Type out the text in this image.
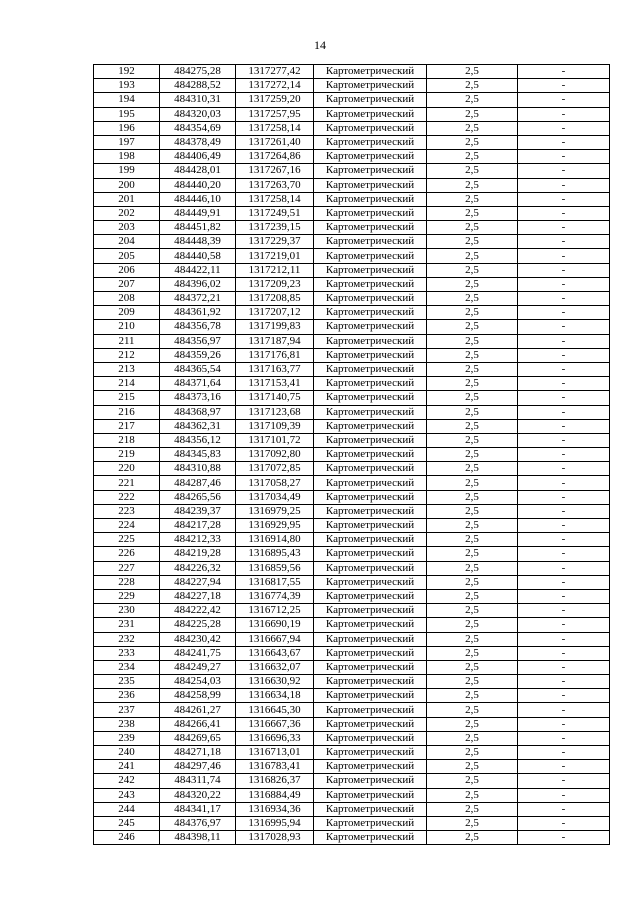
14
192	484275,28	1317277,42	Картометрический	2,5	-
193	484288,52	1317272,14	Картометрический	2,5	-
194	484310,31	1317259,20	Картометрический	2,5	-
195	484320,03	1317257,95	Картометрический	2,5	-
196	484354,69	1317258,14	Картометрический	2,5	-
197	484378,49	1317261,40	Картометрический	2,5	-
198	484406,49	1317264,86	Картометрический	2,5	-
199	484428,01	1317267,16	Картометрический	2,5	-
200	484440,20	1317263,70	Картометрический	2,5	-
201	484446,10	1317258,14	Картометрический	2,5	-
202	484449,91	1317249,51	Картометрический	2,5	-
203	484451,82	1317239,15	Картометрический	2,5	-
204	484448,39	1317229,37	Картометрический	2,5	-
205	484440,58	1317219,01	Картометрический	2,5	-
206	484422,11	1317212,11	Картометрический	2,5	-
207	484396,02	1317209,23	Картометрический	2,5	-
208	484372,21	1317208,85	Картометрический	2,5	-
209	484361,92	1317207,12	Картометрический	2,5	-
210	484356,78	1317199,83	Картометрический	2,5	-
211	484356,97	1317187,94	Картометрический	2,5	-
212	484359,26	1317176,81	Картометрический	2,5	-
213	484365,54	1317163,77	Картометрический	2,5	-
214	484371,64	1317153,41	Картометрический	2,5	-
215	484373,16	1317140,75	Картометрический	2,5	-
216	484368,97	1317123,68	Картометрический	2,5	-
217	484362,31	1317109,39	Картометрический	2,5	-
218	484356,12	1317101,72	Картометрический	2,5	-
219	484345,83	1317092,80	Картометрический	2,5	-
220	484310,88	1317072,85	Картометрический	2,5	-
221	484287,46	1317058,27	Картометрический	2,5	-
222	484265,56	1317034,49	Картометрический	2,5	-
223	484239,37	1316979,25	Картометрический	2,5	-
224	484217,28	1316929,95	Картометрический	2,5	-
225	484212,33	1316914,80	Картометрический	2,5	-
226	484219,28	1316895,43	Картометрический	2,5	-
227	484226,32	1316859,56	Картометрический	2,5	-
228	484227,94	1316817,55	Картометрический	2,5	-
229	484227,18	1316774,39	Картометрический	2,5	-
230	484222,42	1316712,25	Картометрический	2,5	-
231	484225,28	1316690,19	Картометрический	2,5	-
232	484230,42	1316667,94	Картометрический	2,5	-
233	484241,75	1316643,67	Картометрический	2,5	-
234	484249,27	1316632,07	Картометрический	2,5	-
235	484254,03	1316630,92	Картометрический	2,5	-
236	484258,99	1316634,18	Картометрический	2,5	-
237	484261,27	1316645,30	Картометрический	2,5	-
238	484266,41	1316667,36	Картометрический	2,5	-
239	484269,65	1316696,33	Картометрический	2,5	-
240	484271,18	1316713,01	Картометрический	2,5	-
241	484297,46	1316783,41	Картометрический	2,5	-
242	484311,74	1316826,37	Картометрический	2,5	-
243	484320,22	1316884,49	Картометрический	2,5	-
244	484341,17	1316934,36	Картометрический	2,5	-
245	484376,97	1316995,94	Картометрический	2,5	-
246	484398,11	1317028,93	Картометрический	2,5	-
